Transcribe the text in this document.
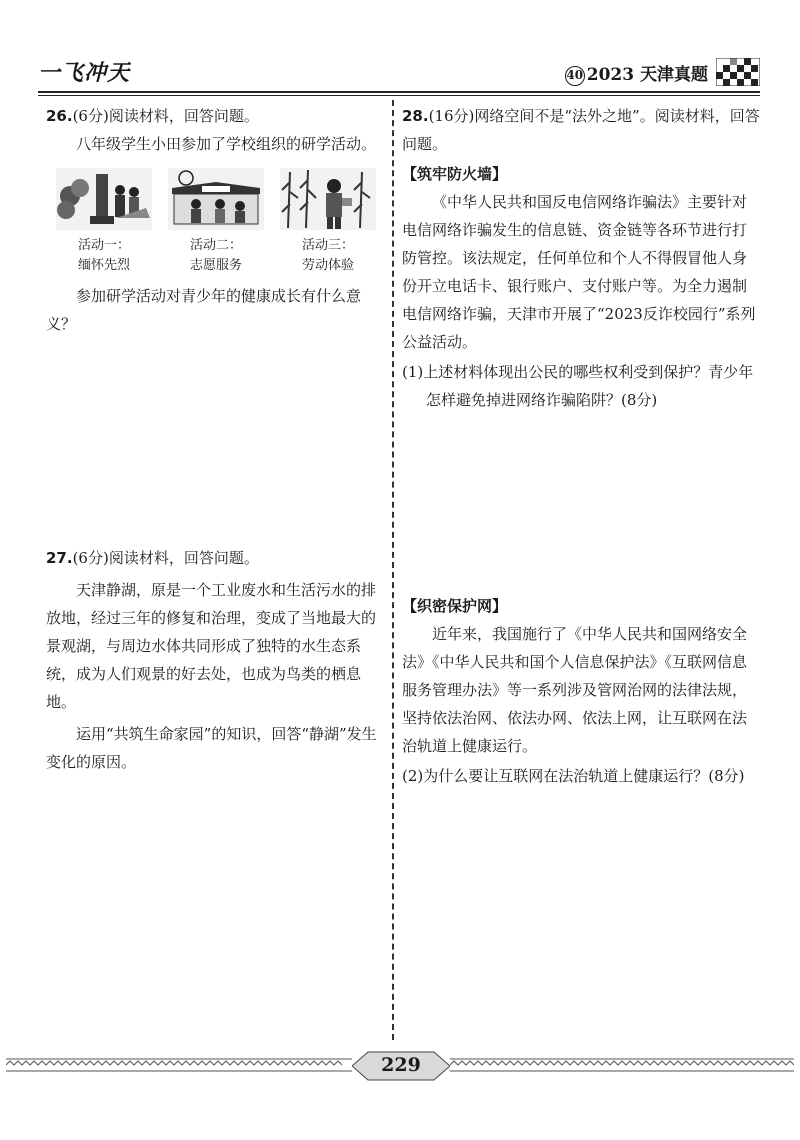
一飞冲天	40 2023 天津真题

26.(6分)阅读材料，回答问题。

八年级学生小田参加了学校组织的研学活动。

活动一：
缅怀先烈
活动二：
志愿服务
活动三：
劳动体验

参加研学活动对青少年的健康成长有什么意义？

27.(6分)阅读材料，回答问题。

天津静湖，原是一个工业废水和生活污水的排放地，经过三年的修复和治理，变成了当地最大的景观湖，与周边水体共同形成了独特的水生态系统，成为人们观景的好去处，也成为鸟类的栖息地。

运用“共筑生命家园”的知识，回答“静湖”发生变化的原因。

28.(16分)网络空间不是“法外之地”。阅读材料，回答问题。

【筑牢防火墙】

《中华人民共和国反电信网络诈骗法》主要针对电信网络诈骗发生的信息链、资金链等各环节进行打防管控。该法规定，任何单位和个人不得假冒他人身份开立电话卡、银行账户、支付账户等。为全力遏制电信网络诈骗，天津市开展了“2023反诈校园行”系列公益活动。

(1)上述材料体现出公民的哪些权利受到保护？青少年怎样避免掉进网络诈骗陷阱？(8分)

【织密保护网】

近年来，我国施行了《中华人民共和国网络安全法》《中华人民共和国个人信息保护法》《互联网信息服务管理办法》等一系列涉及管网治网的法律法规，坚持依法治网、依法办网、依法上网，让互联网在法治轨道上健康运行。

(2)为什么要让互联网在法治轨道上健康运行？(8分)

229
